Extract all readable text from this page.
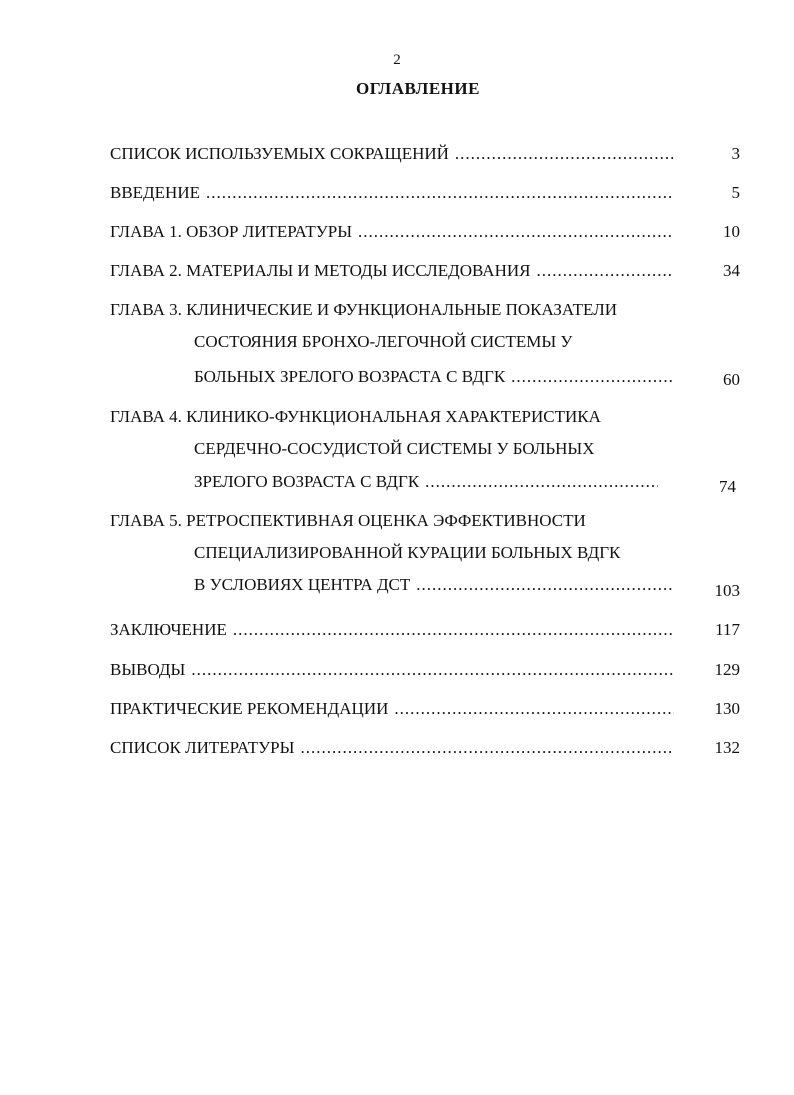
2
ОГЛАВЛЕНИЕ
СПИСОК ИСПОЛЬЗУЕМЫХ СОКРАЩЕНИЙ .....	3
ВВЕДЕНИЕ .....	5
ГЛАВА 1. ОБЗОР ЛИТЕРАТУРЫ .....	10
ГЛАВА 2. МАТЕРИАЛЫ И МЕТОДЫ ИССЛЕДОВАНИЯ .....	34
ГЛАВА 3. КЛИНИЧЕСКИЕ И ФУНКЦИОНАЛЬНЫЕ ПОКАЗАТЕЛИ
СОСТОЯНИЯ БРОНХО-ЛЕГОЧНОЙ СИСТЕМЫ У
БОЛЬНЫХ ЗРЕЛОГО ВОЗРАСТА С ВДГК .....	60
ГЛАВА 4. КЛИНИКО-ФУНКЦИОНАЛЬНАЯ ХАРАКТЕРИСТИКА
СЕРДЕЧНО-СОСУДИСТОЙ СИСТЕМЫ У БОЛЬНЫХ
ЗРЕЛОГО ВОЗРАСТА С ВДГК .....	74
ГЛАВА 5. РЕТРОСПЕКТИВНАЯ ОЦЕНКА ЭФФЕКТИВНОСТИ
СПЕЦИАЛИЗИРОВАННОЙ КУРАЦИИ БОЛЬНЫХ ВДГК
В УСЛОВИЯХ ЦЕНТРА ДСТ .....	103
ЗАКЛЮЧЕНИЕ .....	117
ВЫВОДЫ .....	129
ПРАКТИЧЕСКИЕ РЕКОМЕНДАЦИИ .....	130
СПИСОК ЛИТЕРАТУРЫ .....	132
